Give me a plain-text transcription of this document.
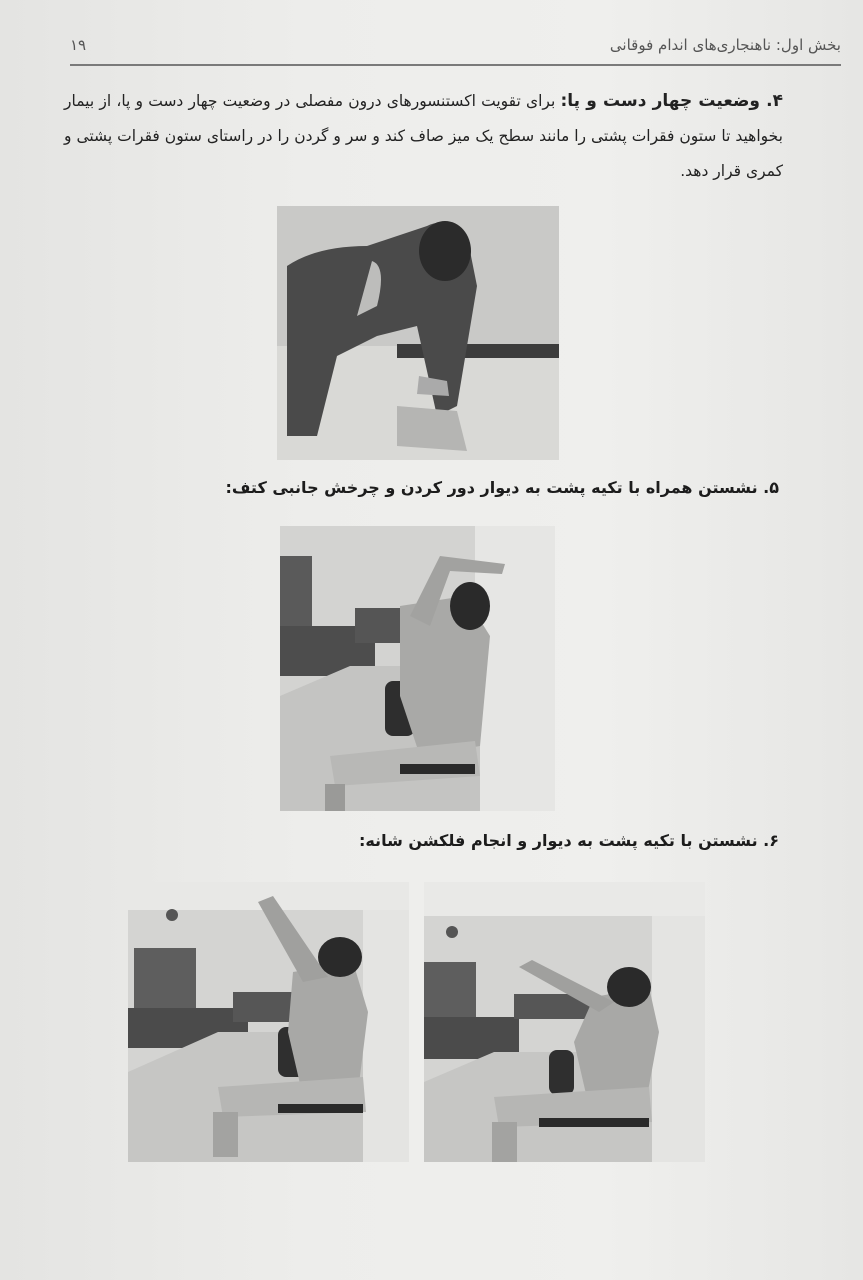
بخش اول: ناهنجاری‌های اندام فوقانی
۱۹
۴. وضعیت چهار دست و پا: برای تقویت اکستنسورهای درون مفصلی در وضعیت چهار دست و پا، از بیمار بخواهید تا ستون فقرات پشتی را مانند سطح یک میز صاف کند و سر و گردن را در راستای ستون فقرات پشتی و کمری قرار دهد.
۵. نشستن همراه با تکیه پشت به دیوار دور کردن و چرخش جانبی کتف:
۶. نشستن با تکیه پشت به دیوار و انجام فلکشن شانه:
